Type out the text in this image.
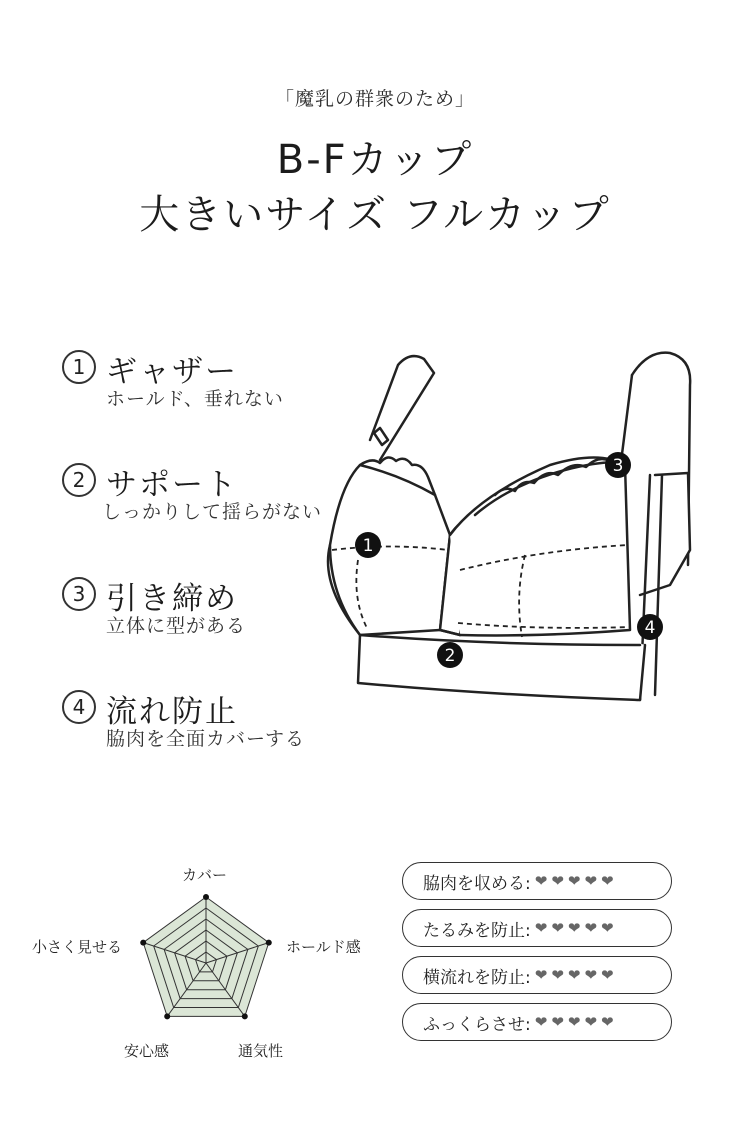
「魔乳の群衆のため」
B-Fカップ
大きいサイズ フルカップ
1 ギャザー
ホールド、垂れない
2 サポート
しっかりして揺らがない
3 引き締め
立体に型がある
4 流れ防止
脇肉を全面カバーする
1
2
3
4
カバー
ホールド感
通気性
安心感
小さく見せる
脇肉を収める: ❤ ❤ ❤ ❤ ❤
たるみを防止: ❤ ❤ ❤ ❤ ❤
横流れを防止: ❤ ❤ ❤ ❤ ❤
ふっくらさせ: ❤ ❤ ❤ ❤ ❤
